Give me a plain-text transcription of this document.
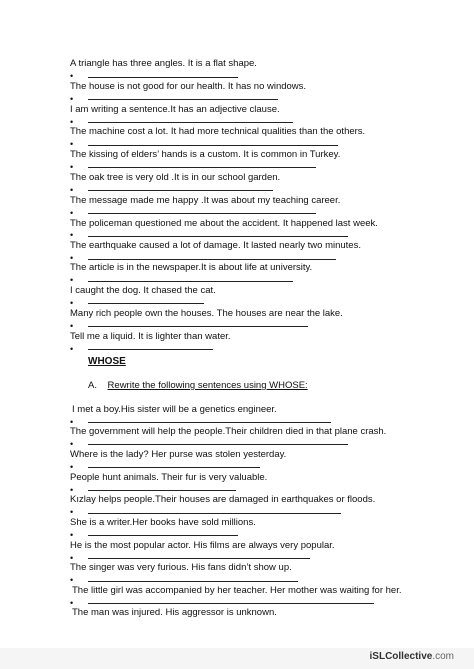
A triangle has three angles. It is a flat shape.
•
The house is not good for our health. It has no windows.
•
I am writing a sentence.It has an adjective clause.
•
The machine cost a lot. It had more technical qualities than the others.
•
The kissing of elders’ hands is a custom. It is common in Turkey.
•
The oak tree is very old .It is in our school garden.
•
The message made me happy .It was about my teaching career.
•
The policeman questioned me about the accident. It happened last week.
•
The earthquake caused a lot of damage. It lasted nearly two minutes.
•
The article is in the newspaper.It is about life at university.
•
I caught the dog. It chased the cat.
•
Many rich people own the houses. The houses are near the lake.
•
Tell me a liquid. It is lighter than water.
•
WHOSE
A. Rewrite the following sentences using WHOSE:
I met a boy.His sister will be a genetics engineer.
•
The government will help the people.Their children died in that plane crash.
•
Where is the lady? Her purse was stolen yesterday.
•
People hunt animals. Their fur is very valuable.
•
Kızlay helps people.Their houses are damaged in earthquakes or floods.
•
She is a writer.Her books have sold millions.
•
He is the most popular actor. His films are always very popular.
•
The singer was very furious. His fans didn’t show up.
•
The little girl was accompanied by her teacher. Her mother was waiting for her.
•
The man was injured. His aggressor is unknown.
iSLCollective.com
